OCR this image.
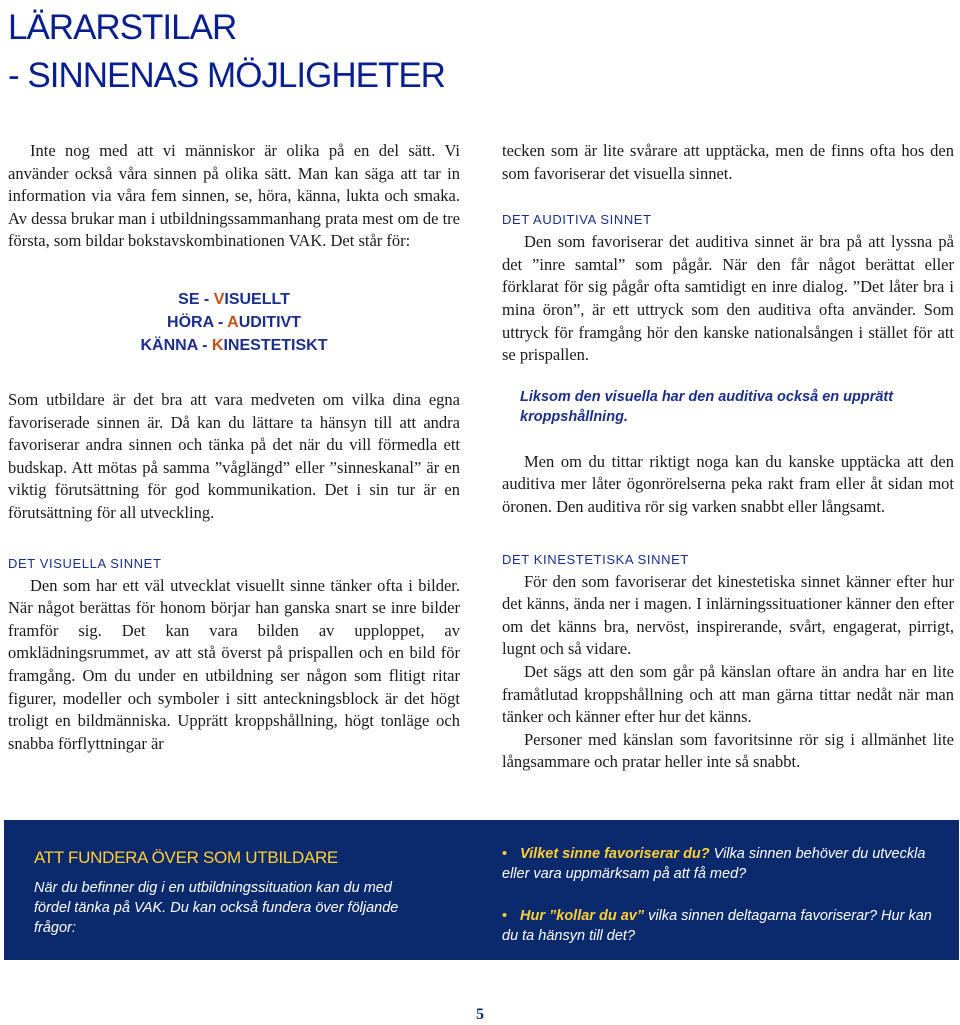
LÄRARSTILAR
- SINNENAS MÖJLIGHETER

Inte nog med att vi människor är olika på en del sätt. Vi använder också våra sinnen på olika sätt. Man kan säga att tar in information via våra fem sinnen, se, höra, känna, lukta och smaka. Av dessa brukar man i utbildningssammanhang prata mest om de tre första, som bildar bokstavskombinationen VAK. Det står för:

SE - VISUELLT
HÖRA - AUDITIVT
KÄNNA - KINESTETISKT

Som utbildare är det bra att vara medveten om vilka dina egna favoriserade sinnen är. Då kan du lättare ta hänsyn till att andra favoriserar andra sinnen och tänka på det när du vill förmedla ett budskap. Att mötas på samma ”våglängd” eller ”sinneskanal” är en viktig förutsättning för god kommunikation. Det i sin tur är en förutsättning för all utveckling.

DET VISUELLA SINNET

Den som har ett väl utvecklat visuellt sinne tänker ofta i bilder. När något berättas för honom börjar han ganska snart se inre bilder framför sig. Det kan vara bilden av upploppet, av omklädningsrummet, av att stå överst på prispallen och en bild för framgång. Om du under en utbildning ser någon som flitigt ritar figurer, modeller och symboler i sitt anteckningsblock är det högt troligt en bildmänniska. Upprätt kroppshållning, högt tonläge och snabba förflyttningar är

tecken som är lite svårare att upptäcka, men de finns ofta hos den som favoriserar det visuella sinnet.

DET AUDITIVA SINNET

Den som favoriserar det auditiva sinnet är bra på att lyssna på det ”inre samtal” som pågår. När den får något berättat eller förklarat för sig pågår ofta samtidigt en inre dialog. ”Det låter bra i mina öron”, är ett uttryck som den auditiva ofta använder. Som uttryck för framgång hör den kanske nationalsången i stället för att se prispallen.

Liksom den visuella har den auditiva också en upprätt kroppshållning.

Men om du tittar riktigt noga kan du kanske upptäcka att den auditiva mer låter ögonrörelserna peka rakt fram eller åt sidan mot öronen. Den auditiva rör sig varken snabbt eller långsamt.

DET KINESTETISKA SINNET

För den som favoriserar det kinestetiska sinnet känner efter hur det känns, ända ner i magen. I inlärningssituationer känner den efter om det känns bra, nervöst, inspirerande, svårt, engagerat, pirrigt, lugnt och så vidare.

Det sägs att den som går på känslan oftare än andra har en lite framåtlutad kroppshållning och att man gärna tittar nedåt när man tänker och känner efter hur det känns.

Personer med känslan som favoritsinne rör sig i allmänhet lite långsammare och pratar heller inte så snabbt.

ATT FUNDERA ÖVER SOM UTBILDARE
När du befinner dig i en utbildningssituation kan du med fördel tänka på VAK. Du kan också fundera över följande frågor:
• Vilket sinne favoriserar du? Vilka sinnen behöver du utveckla eller vara uppmärksam på att få med?
• Hur ”kollar du av” vilka sinnen deltagarna favoriserar? Hur kan du ta hänsyn till det?
5
